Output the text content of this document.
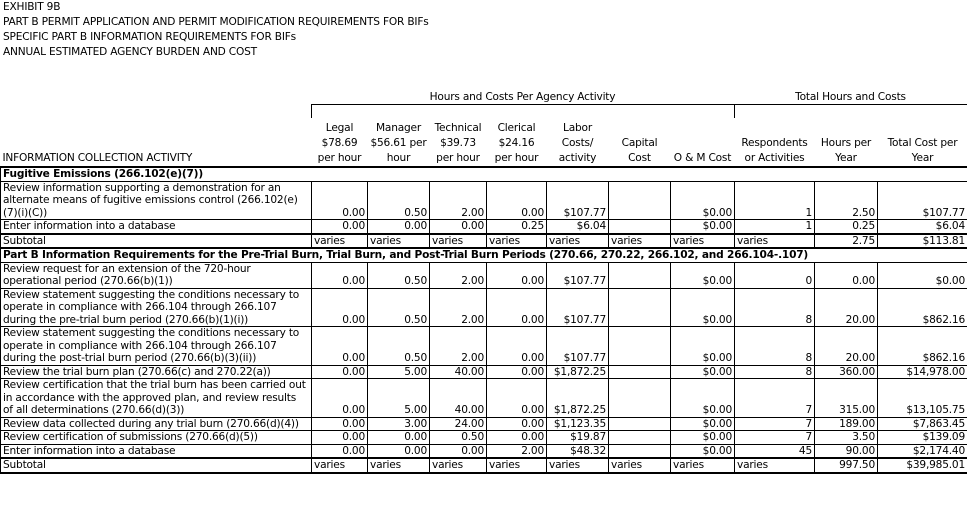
EXHIBIT 9B
PART B PERMIT APPLICATION AND PERMIT MODIFICATION REQUIREMENTS FOR BIFs
SPECIFIC PART B INFORMATION REQUIREMENTS FOR BIFs
ANNUAL ESTIMATED AGENCY BURDEN AND COST
Hours and Costs Per Agency Activity	Total Hours and Costs
INFORMATION COLLECTION ACTIVITY	Legal $78.69 per hour	Manager $56.61 per hour	Technical $39.73 per hour	Clerical $24.16 per hour	Labor Costs/ activity	Capital Cost	O & M Cost	Respondents or Activities	Hours per Year	Total Cost per Year
Fugitive Emissions (266.102(e)(7))										
Review information supporting a demonstration for an alternate means of fugitive emissions control (266.102(e)(7)(i)(C))	0.00	0.50	2.00	0.00	$107.77		$0.00	1	2.50	$107.77
Enter information into a database	0.00	0.00	0.00	0.25	$6.04		$0.00	1	0.25	$6.04
Subtotal	varies	varies	varies	varies	varies	varies	varies	varies	2.75	$113.81
Part B Information Requirements for the Pre-Trial Burn, Trial Burn, and Post-Trial Burn Periods (270.66, 270.22, 266.102, and 266.104-.107)										
Review request for an extension of the 720-hour operational period (270.66(b)(1))	0.00	0.50	2.00	0.00	$107.77		$0.00	0	0.00	$0.00
Review statement suggesting the conditions necessary to operate in compliance with 266.104 through 266.107 during the pre-trial burn period (270.66(b)(1)(i))	0.00	0.50	2.00	0.00	$107.77		$0.00	8	20.00	$862.16
Review statement suggesting the conditions necessary to operate in compliance with 266.104 through 266.107 during the post-trial burn period (270.66(b)(3)(ii))	0.00	0.50	2.00	0.00	$107.77		$0.00	8	20.00	$862.16
Review the trial burn plan (270.66(c) and 270.22(a))	0.00	5.00	40.00	0.00	$1,872.25		$0.00	8	360.00	$14,978.00
Review certification that the trial burn has been carried out in accordance with the approved plan, and review results of all determinations (270.66(d)(3))	0.00	5.00	40.00	0.00	$1,872.25		$0.00	7	315.00	$13,105.75
Review data collected during any trial burn (270.66(d)(4))	0.00	3.00	24.00	0.00	$1,123.35		$0.00	7	189.00	$7,863.45
Review certification of submissions (270.66(d)(5))	0.00	0.00	0.50	0.00	$19.87		$0.00	7	3.50	$139.09
Enter information into a database	0.00	0.00	0.00	2.00	$48.32		$0.00	45	90.00	$2,174.40
Subtotal	varies	varies	varies	varies	varies	varies	varies	varies	997.50	$39,985.01
